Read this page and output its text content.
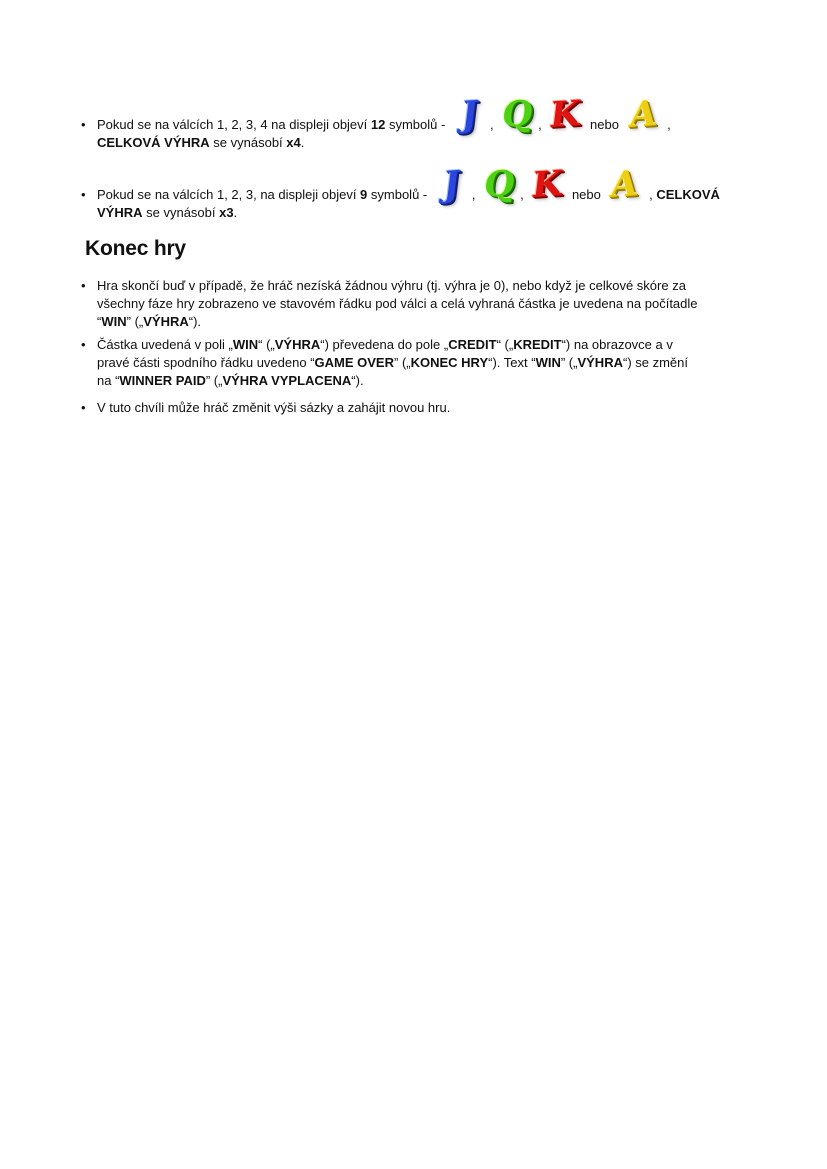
• Pokud se na válcích 1, 2, 3, 4 na displeji objeví 12 symbolů - J , Q , K nebo A ,
CELKOVÁ VÝHRA se vynásobí x4.
• Pokud se na válcích 1, 2, 3, na displeji objeví 9 symbolů - J , Q , K nebo A , CELKOVÁ
VÝHRA se vynásobí x3.
Konec hry
• Hra skončí buď v případě, že hráč nezíská žádnou výhru (tj. výhra je 0), nebo když je celkové skóre za
všechny fáze hry zobrazeno ve stavovém řádku pod válci a celá vyhraná částka je uvedena na počítadle
“WIN” („VÝHRA“).
• Částka uvedená v poli „WIN“ („VÝHRA“) převedena do pole „CREDIT“ („KREDIT“) na obrazovce a v
pravé části spodního řádku uvedeno “GAME OVER” („KONEC HRY“). Text “WIN” („VÝHRA“) se změní
na “WINNER PAID” („VÝHRA VYPLACENA“).
• V tuto chvíli může hráč změnit výši sázky a zahájit novou hru.
